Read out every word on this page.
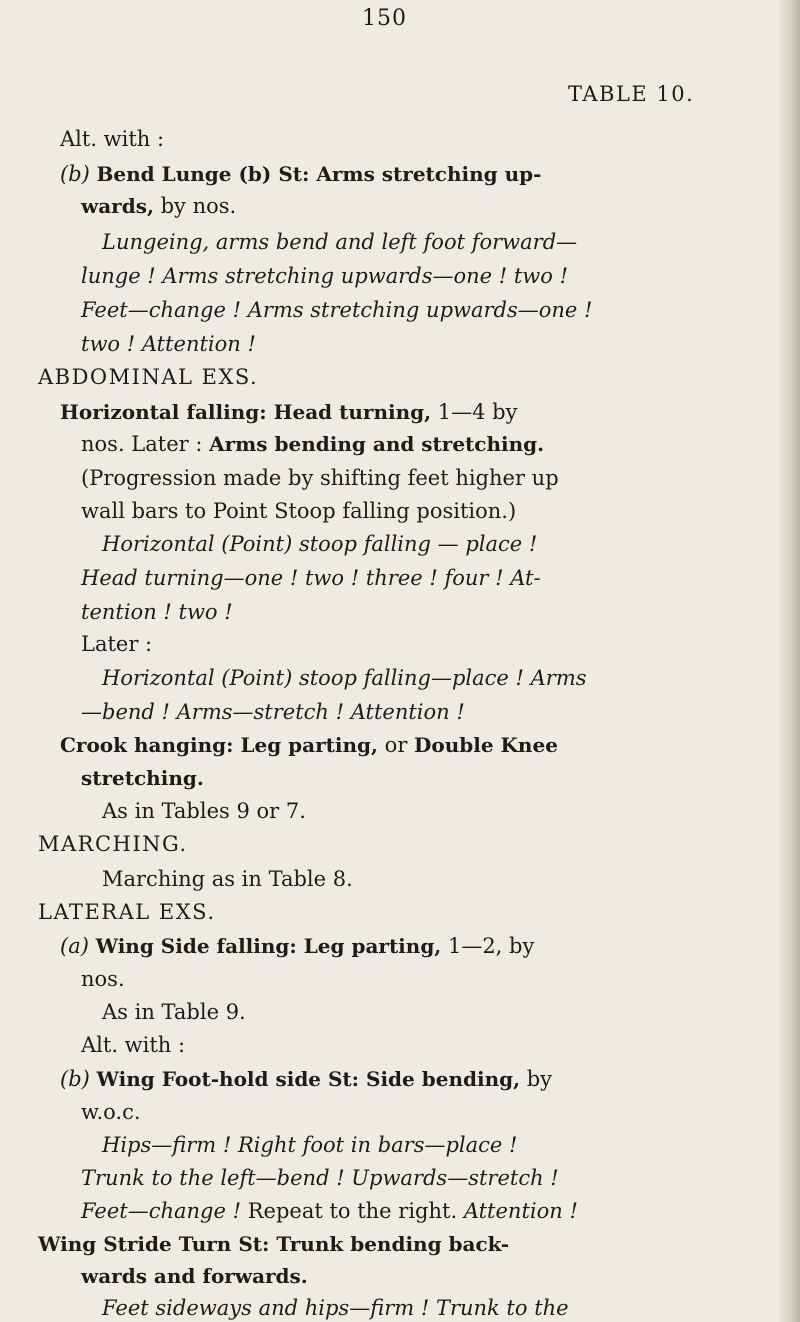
150
TABLE 10.
Alt. with :
(b) Bend Lunge (b) St: Arms stretching up-
wards, by nos.
Lungeing, arms bend and left foot forward—
lunge ! Arms stretching upwards—one ! two !
Feet—change ! Arms stretching upwards—one !
two ! Attention !
ABDOMINAL EXS.
Horizontal falling: Head turning, 1—4 by
nos. Later : Arms bending and stretching.
(Progression made by shifting feet higher up
wall bars to Point Stoop falling position.)
Horizontal (Point) stoop falling — place !
Head turning—one ! two ! three ! four ! At-
tention ! two !
Later :
Horizontal (Point) stoop falling—place ! Arms
—bend ! Arms—stretch ! Attention !
Crook hanging: Leg parting, or Double Knee
stretching.
As in Tables 9 or 7.
MARCHING.
Marching as in Table 8.
LATERAL EXS.
(a) Wing Side falling: Leg parting, 1—2, by
nos.
As in Table 9.
Alt. with :
(b) Wing Foot-hold side St: Side bending, by
w.o.c.
Hips—firm ! Right foot in bars—place !
Trunk to the left—bend ! Upwards—stretch !
Feet—change ! Repeat to the right. Attention !
Wing Stride Turn St: Trunk bending back-
wards and forwards.
Feet sideways and hips—firm ! Trunk to the
